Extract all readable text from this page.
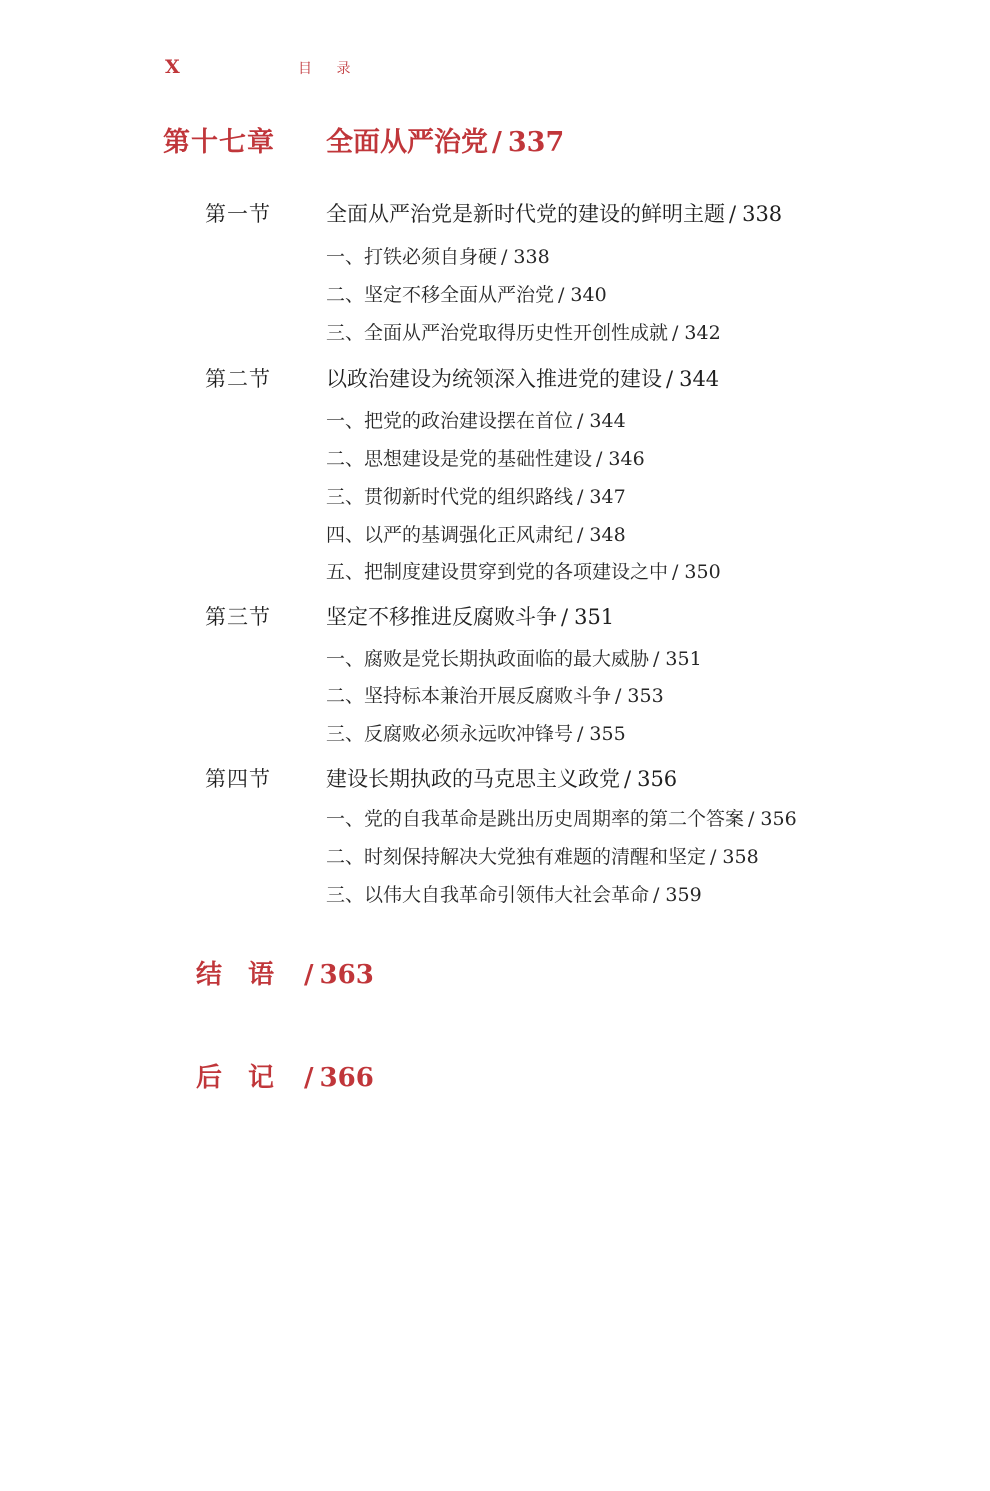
X	目 录
第十七章 全面从严治党 / 337
第一节	全面从严治党是新时代党的建设的鲜明主题 / 338
一、打铁必须自身硬 / 338
二、坚定不移全面从严治党 / 340
三、全面从严治党取得历史性开创性成就 / 342
第二节	以政治建设为统领深入推进党的建设 / 344
一、把党的政治建设摆在首位 / 344
二、思想建设是党的基础性建设 / 346
三、贯彻新时代党的组织路线 / 347
四、以严的基调强化正风肃纪 / 348
五、把制度建设贯穿到党的各项建设之中 / 350
第三节	坚定不移推进反腐败斗争 / 351
一、腐败是党长期执政面临的最大威胁 / 351
二、坚持标本兼治开展反腐败斗争 / 353
三、反腐败必须永远吹冲锋号 / 355
第四节	建设长期执政的马克思主义政党 / 356
一、党的自我革命是跳出历史周期率的第二个答案 / 356
二、时刻保持解决大党独有难题的清醒和坚定 / 358
三、以伟大自我革命引领伟大社会革命 / 359
结语 / 363
后记 / 366
